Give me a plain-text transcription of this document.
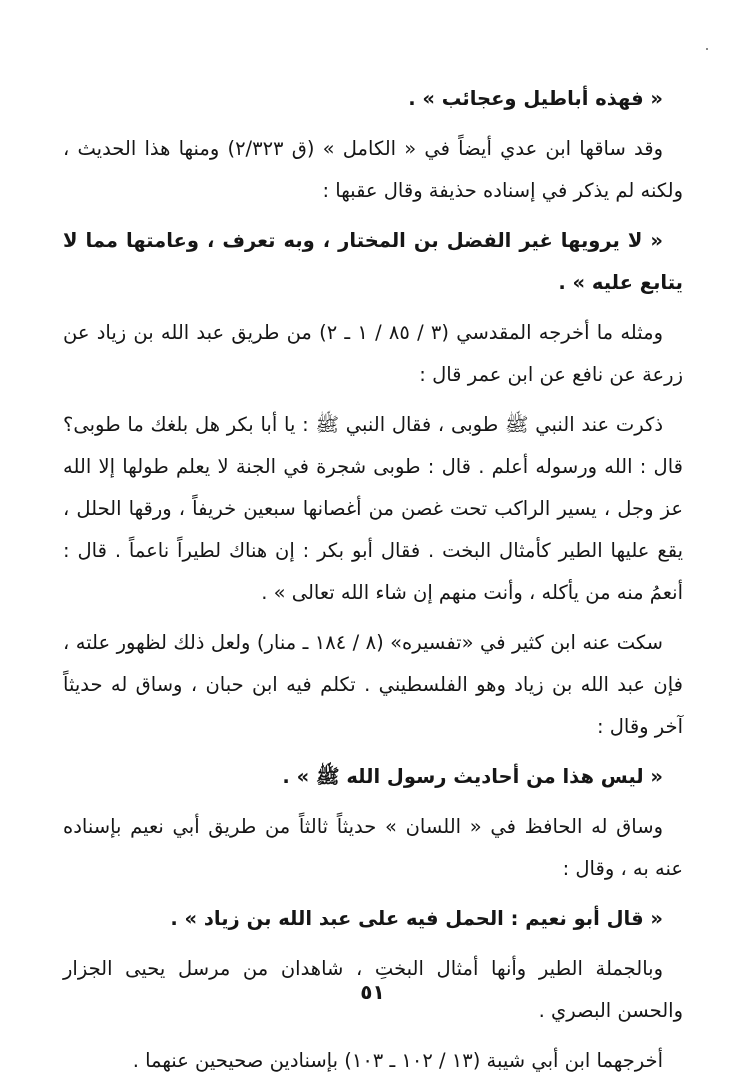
« فهذه أباطيل وعجائب » .

وقد ساقها ابن عدي أيضاً في « الكامل » (ق ٢/٣٢٣) ومنها هذا الحديث ، ولكنه لم يذكر في إسناده حذيفة وقال عقبها :

« لا يرويها غير الفضل بن المختار ، وبه تعرف ، وعامتها مما لا يتابع عليه » .

ومثله ما أخرجه المقدسي (٣ / ٨٥ / ١ ـ ٢) من طريق عبد الله بن زياد عن زرعة عن نافع عن ابن عمر قال :

ذكرت عند النبي ﷺ طوبى ، فقال النبي ﷺ : يا أبا بكر هل بلغك ما طوبى؟ قال : الله ورسوله أعلم . قال : طوبى شجرة في الجنة لا يعلم طولها إلا الله عز وجل ، يسير الراكب تحت غصن من أغصانها سبعين خريفاً ، ورقها الحلل ، يقع عليها الطير كأمثال البخت . فقال أبو بكر : إن هناك لطيراً ناعماً . قال : أنعمُ منه من يأكله ، وأنت منهم إن شاء الله تعالى » .

سكت عنه ابن كثير في «تفسيره» (٨ / ١٨٤ ـ منار) ولعل ذلك لظهور علته ، فإن عبد الله بن زياد وهو الفلسطيني . تكلم فيه ابن حبان ، وساق له حديثاً آخر وقال :

« ليس هذا من أحاديث رسول الله ﷺ » .

وساق له الحافظ في « اللسان » حديثاً ثالثاً من طريق أبي نعيم بإسناده عنه به ، وقال :

« قال أبو نعيم : الحمل فيه على عبد الله بن زياد » .

وبالجملة الطير وأنها أمثال البختِ ، شاهدان من مرسل يحيى الجزار والحسن البصري .

أخرجهما ابن أبي شيبة (١٣ / ١٠٢ ـ ١٠٣) بإسنادين صحيحين عنهما .

٥١
